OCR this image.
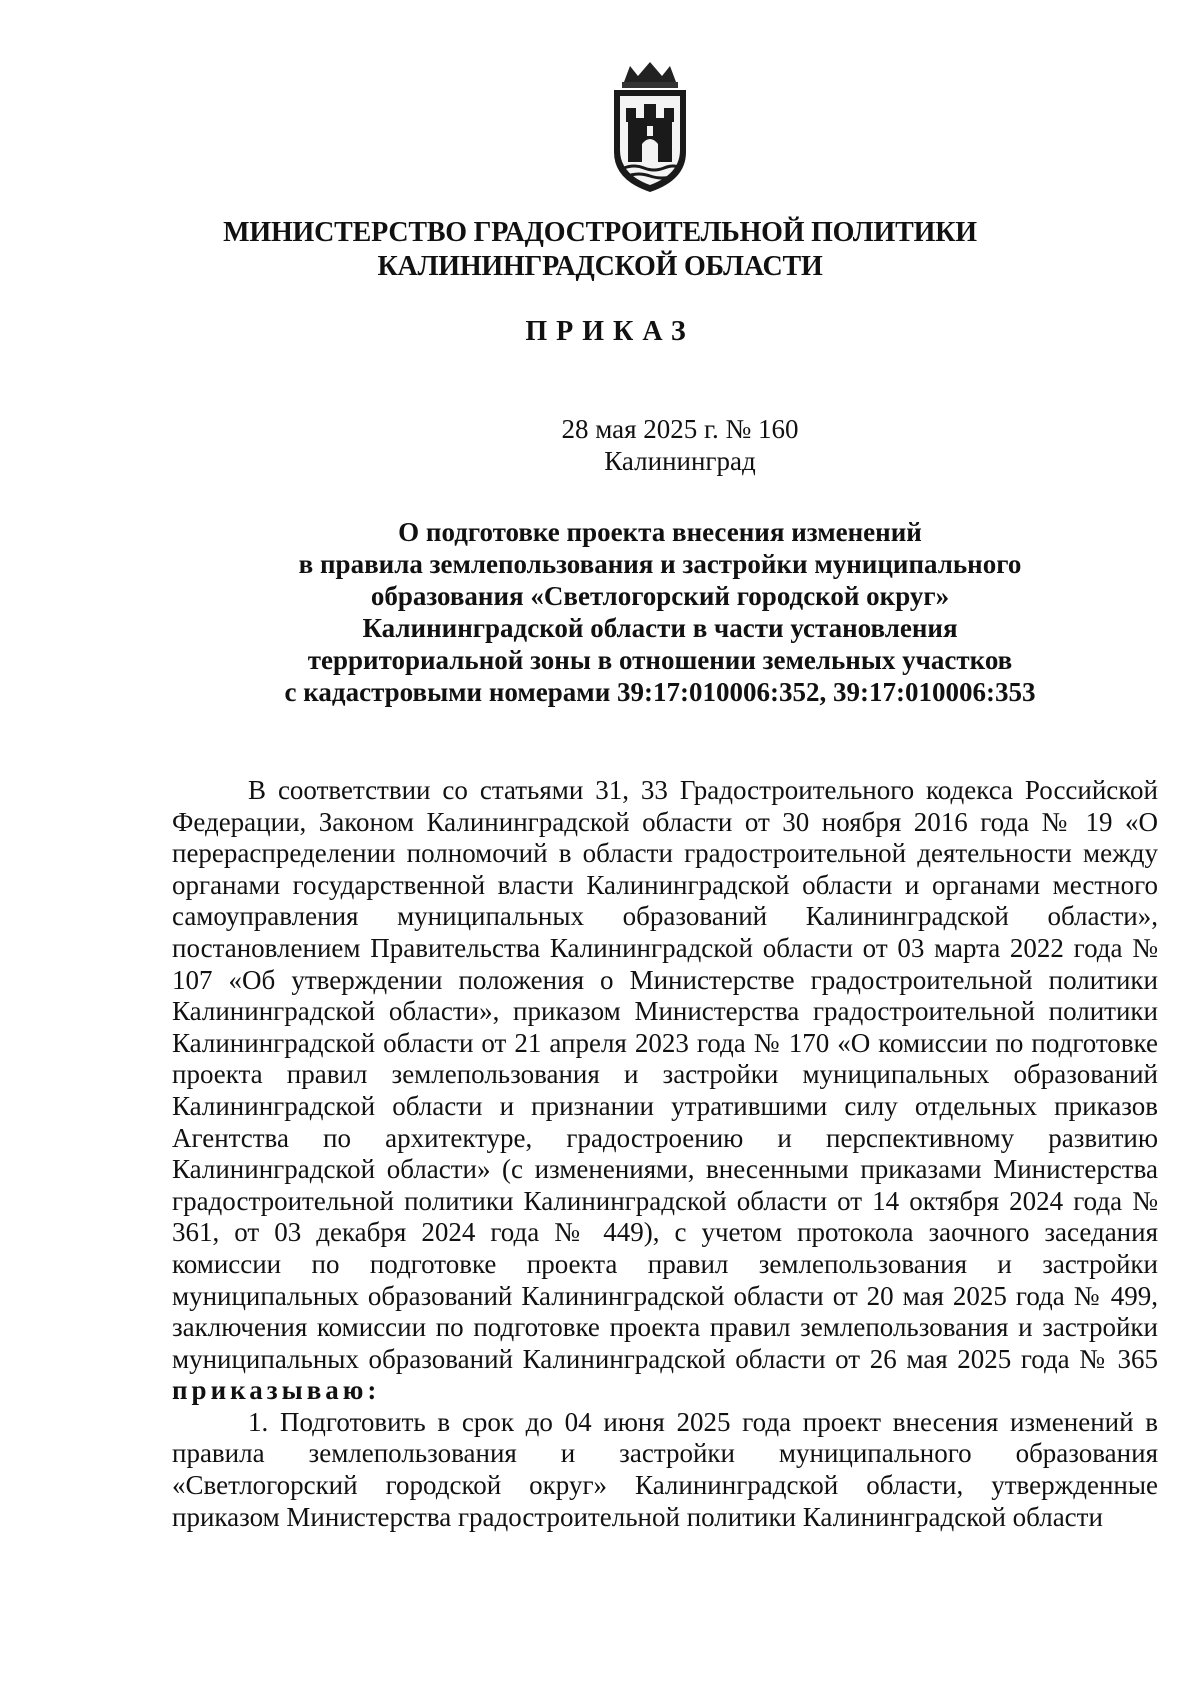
МИНИСТЕРСТВО ГРАДОСТРОИТЕЛЬНОЙ ПОЛИТИКИ
КАЛИНИНГРАДСКОЙ ОБЛАСТИ
ПРИКАЗ
28 мая 2025 г. № 160
Калининград
О подготовке проекта внесения изменений
в правила землепользования и застройки муниципального
образования «Светлогорский городской округ»
Калининградской области в части установления
территориальной зоны в отношении земельных участков
с кадастровыми номерами 39:17:010006:352, 39:17:010006:353

В соответствии со статьями 31, 33 Градостроительного кодекса Российской Федерации, Законом Калининградской области от 30 ноября 2016 года № 19 «О перераспределении полномочий в области градостроительной деятельности между органами государственной власти Калининградской области и органами местного самоуправления муниципальных образований Калининградской области», постановлением Правительства Калининградской области от 03 марта 2022 года № 107 «Об утверждении положения о Министерстве градостроительной политики Калининградской области», приказом Министерства градостроительной политики Калининградской области от 21 апреля 2023 года № 170 «О комиссии по подготовке проекта правил землепользования и застройки муниципальных образований Калининградской области и признании утратившими силу отдельных приказов Агентства по архитектуре, градостроению и перспективному развитию Калининградской области» (с изменениями, внесенными приказами Министерства градостроительной политики Калининградской области от 14 октября 2024 года № 361, от 03 декабря 2024 года № 449), с учетом протокола заочного заседания комиссии по подготовке проекта правил землепользования и застройки муниципальных образований Калининградской области от 20 мая 2025 года № 499, заключения комиссии по подготовке проекта правил землепользования и застройки муниципальных образований Калининградской области от 26 мая 2025 года № 365 приказываю:

1. Подготовить в срок до 04 июня 2025 года проект внесения изменений в правила землепользования и застройки муниципального образования «Светлогорский городской округ» Калининградской области, утвержденные приказом Министерства градостроительной политики Калининградской области
